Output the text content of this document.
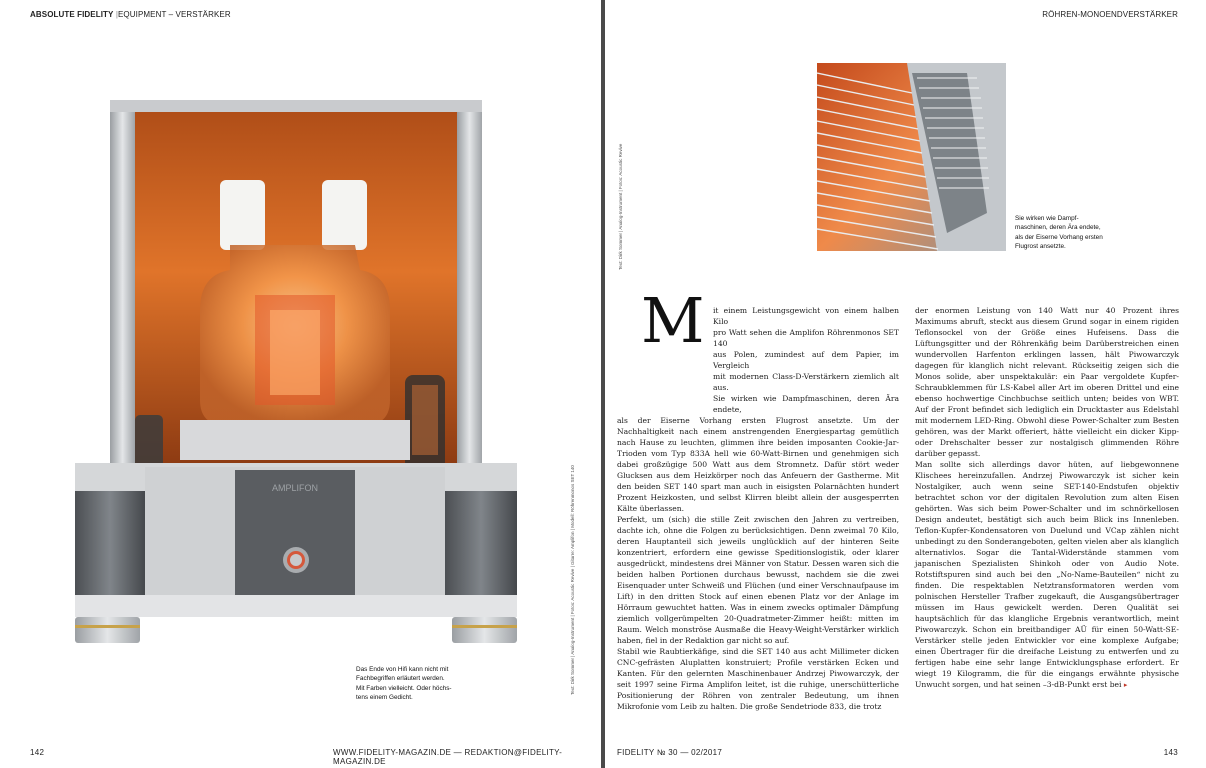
ABSOLUTE FIDELITY |EQUIPMENT – VERSTÄRKER
AMPLIFON	Text: Dirk Sommer | Analog-Instrument | Fotos: Acoustic Revive | Gitarre: Amplifon | Modell: Röhrenmonos SET 140
Das Ende von Hifi kann nicht mit
Fachbegriffen erläutert werden.
Mit Farben vielleicht. Oder höchs-
tens einem Gedicht.
142	WWW.FIDELITY-MAGAZIN.DE — REDAKTION@FIDELITY-MAGAZIN.DE
RÖHREN-MONOENDVERSTÄRKER
Text: Dirk Sommer | Analog-Instrument | Fotos: Acoustic Revive	Sie wirken wie Dampf-
maschinen, deren Ära endete,
als der Eiserne Vorhang ersten
Flugrost ansetzte.
it einem Leistungsgewicht von einem halben Kilo
pro Watt sehen die Amplifon Röhrenmonos SET 140
aus Polen, zumindest auf dem Papier, im Vergleich
mit modernen Class-D-Verstärkern ziemlich alt aus.
Sie wirken wie Dampfmaschinen, deren Ära endete,

als der Eiserne Vorhang ersten Flugrost ansetzte. Um der Nachhaltigkeit nach einem anstrengenden Energiespartag gemütlich nach Hause zu leuchten, glimmen ihre beiden imposanten Cookie-Jar-Trioden vom Typ 833A hell wie 60-Watt-Birnen und genehmigen sich dabei großzügige 500 Watt aus dem Stromnetz. Dafür stört weder Glucksen aus dem Heizkörper noch das Anfeuern der Gastherme. Mit den beiden SET 140 spart man auch in eisigsten Polarnächten hundert Prozent Heizkosten, und selbst Klirren bleibt allein der ausgesperrten Kälte überlassen.

Perfekt, um (sich) die stille Zeit zwischen den Jahren zu vertreiben, dachte ich, ohne die Folgen zu berücksichtigen. Denn zweimal 70 Kilo, deren Hauptanteil sich jeweils unglücklich auf der hinteren Seite konzentriert, erfordern eine gewisse Speditionslogistik, oder klarer ausgedrückt, mindestens drei Männer von Statur. Dessen waren sich die beiden halben Portionen durchaus bewusst, nachdem sie die zwei Eisenquader unter Schweiß und Flüchen (und einer Verschnaufpause im Lift) in den dritten Stock auf einen ebenen Platz vor der Anlage im Hörraum gewuchtet hatten. Was in einem zwecks optimaler Dämpfung ziemlich vollgerümpelten 20-Quadratmeter-Zimmer heißt: mitten im Raum. Welch monströse Ausmaße die Heavy-Weight-Verstärker wirklich haben, fiel in der Redaktion gar nicht so auf.

Stabil wie Raubtierkäfige, sind die SET 140 aus acht Millimeter dicken CNC-gefrästen Aluplatten konstruiert; Profile verstärken Ecken und Kanten. Für den gelernten Maschinenbauer Andrzej Piwowarczyk, der seit 1997 seine Firma Amplifon leitet, ist die ruhige, unerschütterliche Positionierung der Röhren von zentraler Bedeutung, um ihnen Mikrofonie vom Leib zu halten. Die große Sendetriode 833, die trotz

der enormen Leistung von 140 Watt nur 40 Prozent ihres Maximums abruft, steckt aus diesem Grund sogar in einem rigiden Teflonsockel von der Größe eines Hufeisens. Dass die Lüftungsgitter und der Röhrenkäfig beim Darüberstreichen einen wundervollen Harfenton erklingen lassen, hält Piwowarczyk dagegen für klanglich nicht relevant. Rückseitig zeigen sich die Monos solide, aber unspektakulär: ein Paar vergoldete Kupfer-Schraubklemmen für LS-Kabel aller Art im oberen Drittel und eine ebenso hochwertige Cinchbuchse seitlich unten; beides von WBT. Auf der Front befindet sich lediglich ein Drucktaster aus Edelstahl mit modernem LED-Ring. Obwohl diese Power-Schalter zum Besten gehören, was der Markt offeriert, hätte vielleicht ein dicker Kipp- oder Drehschalter besser zur nostalgisch glimmenden Röhre darüber gepasst.

Man sollte sich allerdings davor hüten, auf liebgewonnene Klischees hereinzufallen. Andrzej Piwowarczyk ist sicher kein Nostalgiker, auch wenn seine SET-140-Endstufen objektiv betrachtet schon vor der digitalen Revolution zum alten Eisen gehörten. Was sich beim Power-Schalter und im schnörkellosen Design andeutet, bestätigt sich auch beim Blick ins Innenleben. Teflon-Kupfer-Kondensatoren von Duelund und VCap zählen nicht unbedingt zu den Sonderangeboten, gelten vielen aber als klanglich alternativlos. Sogar die Tantal-Widerstände stammen vom japanischen Spezialisten Shinkoh oder von Audio Note. Rotstiftspuren sind auch bei den „No-Name-Bauteilen“ nicht zu finden. Die respektablen Netztransformatoren werden vom polnischen Hersteller Trafber zugekauft, die Ausgangsübertrager müssen im Haus gewickelt werden. Deren Qualität sei hauptsächlich für das klangliche Ergebnis verantwortlich, meint Piwowarczyk. Schon ein breitbandiger AÜ für einen 50-Watt-SE-Verstärker stelle jeden Entwickler vor eine komplexe Aufgabe; einen Übertrager für die dreifache Leistung zu entwerfen und zu fertigen habe eine sehr lange Entwicklungsphase erfordert. Er wiegt 19 Kilogramm, die für die eingangs erwähnte physische Unwucht sorgen, und hat seinen –3-dB-Punkt erst bei ▸

FIDELITY № 30 — 02/2017	143
M
